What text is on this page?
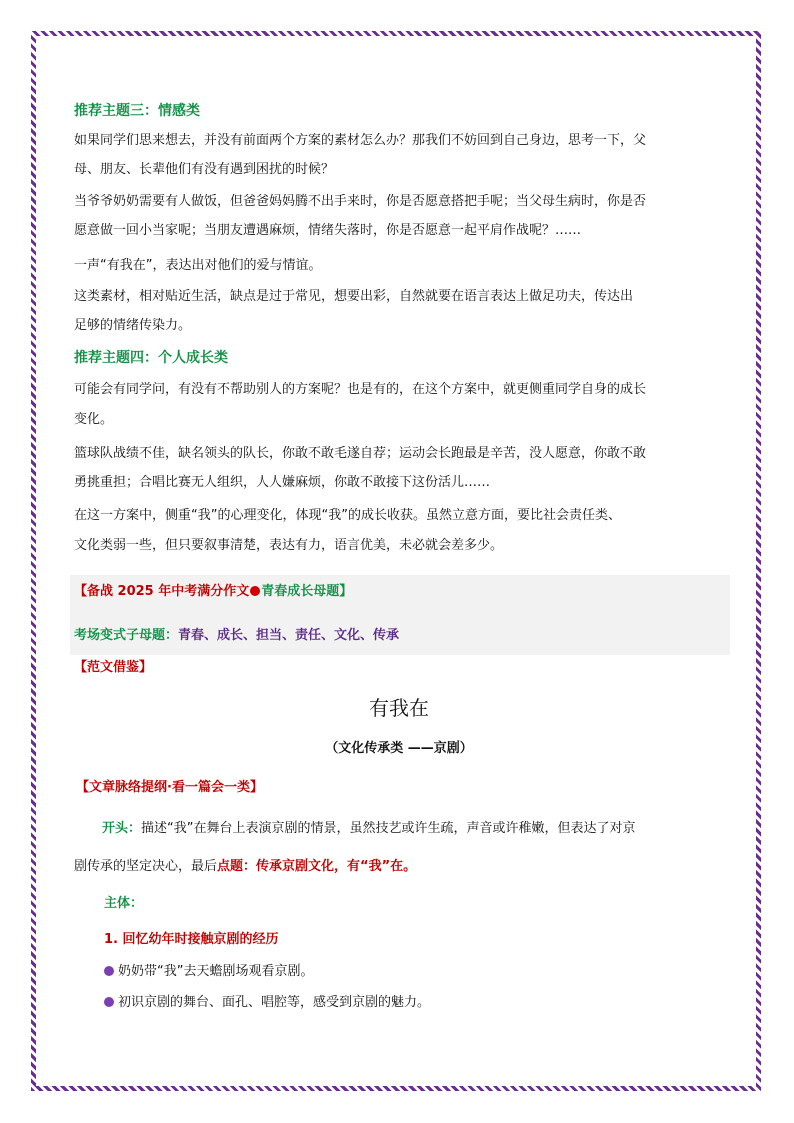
推荐主题三：情感类
如果同学们思来想去，并没有前面两个方案的素材怎么办？那我们不妨回到自己身边，思考一下，父
母、朋友、长辈他们有没有遇到困扰的时候？
当爷爷奶奶需要有人做饭，但爸爸妈妈腾不出手来时，你是否愿意搭把手呢；当父母生病时，你是否
愿意做一回小当家呢；当朋友遭遇麻烦，情绪失落时，你是否愿意一起平肩作战呢？……
一声“有我在”，表达出对他们的爱与情谊。
这类素材，相对贴近生活，缺点是过于常见，想要出彩，自然就要在语言表达上做足功夫，传达出
足够的情绪传染力。
推荐主题四：个人成长类
可能会有同学问，有没有不帮助别人的方案呢？也是有的，在这个方案中，就更侧重同学自身的成长
变化。
篮球队战绩不佳，缺名领头的队长，你敢不敢毛遂自荐；运动会长跑最是辛苦，没人愿意，你敢不敢
勇挑重担；合唱比赛无人组织，人人嫌麻烦，你敢不敢接下这份活儿……
在这一方案中，侧重“我”的心理变化，体现“我”的成长收获。虽然立意方面，要比社会责任类、
文化类弱一些，但只要叙事清楚，表达有力，语言优美，未必就会差多少。
【备战 2025 年中考满分作文 青春成长母题】
考场变式子母题：青春、成长、担当、责任、文化、传承
【范文借鉴】
有我在
（文化传承类 ——京剧）
【文章脉络提纲·看一篇会一类】
开头：描述“我”在舞台上表演京剧的情景，虽然技艺或许生疏，声音或许稚嫩，但表达了对京
剧传承的坚定决心，最后点题：传承京剧文化，有“我”在。
主体：
1. 回忆幼年时接触京剧的经历
奶奶带“我”去天蟾剧场观看京剧。
初识京剧的舞台、面孔、唱腔等，感受到京剧的魅力。
